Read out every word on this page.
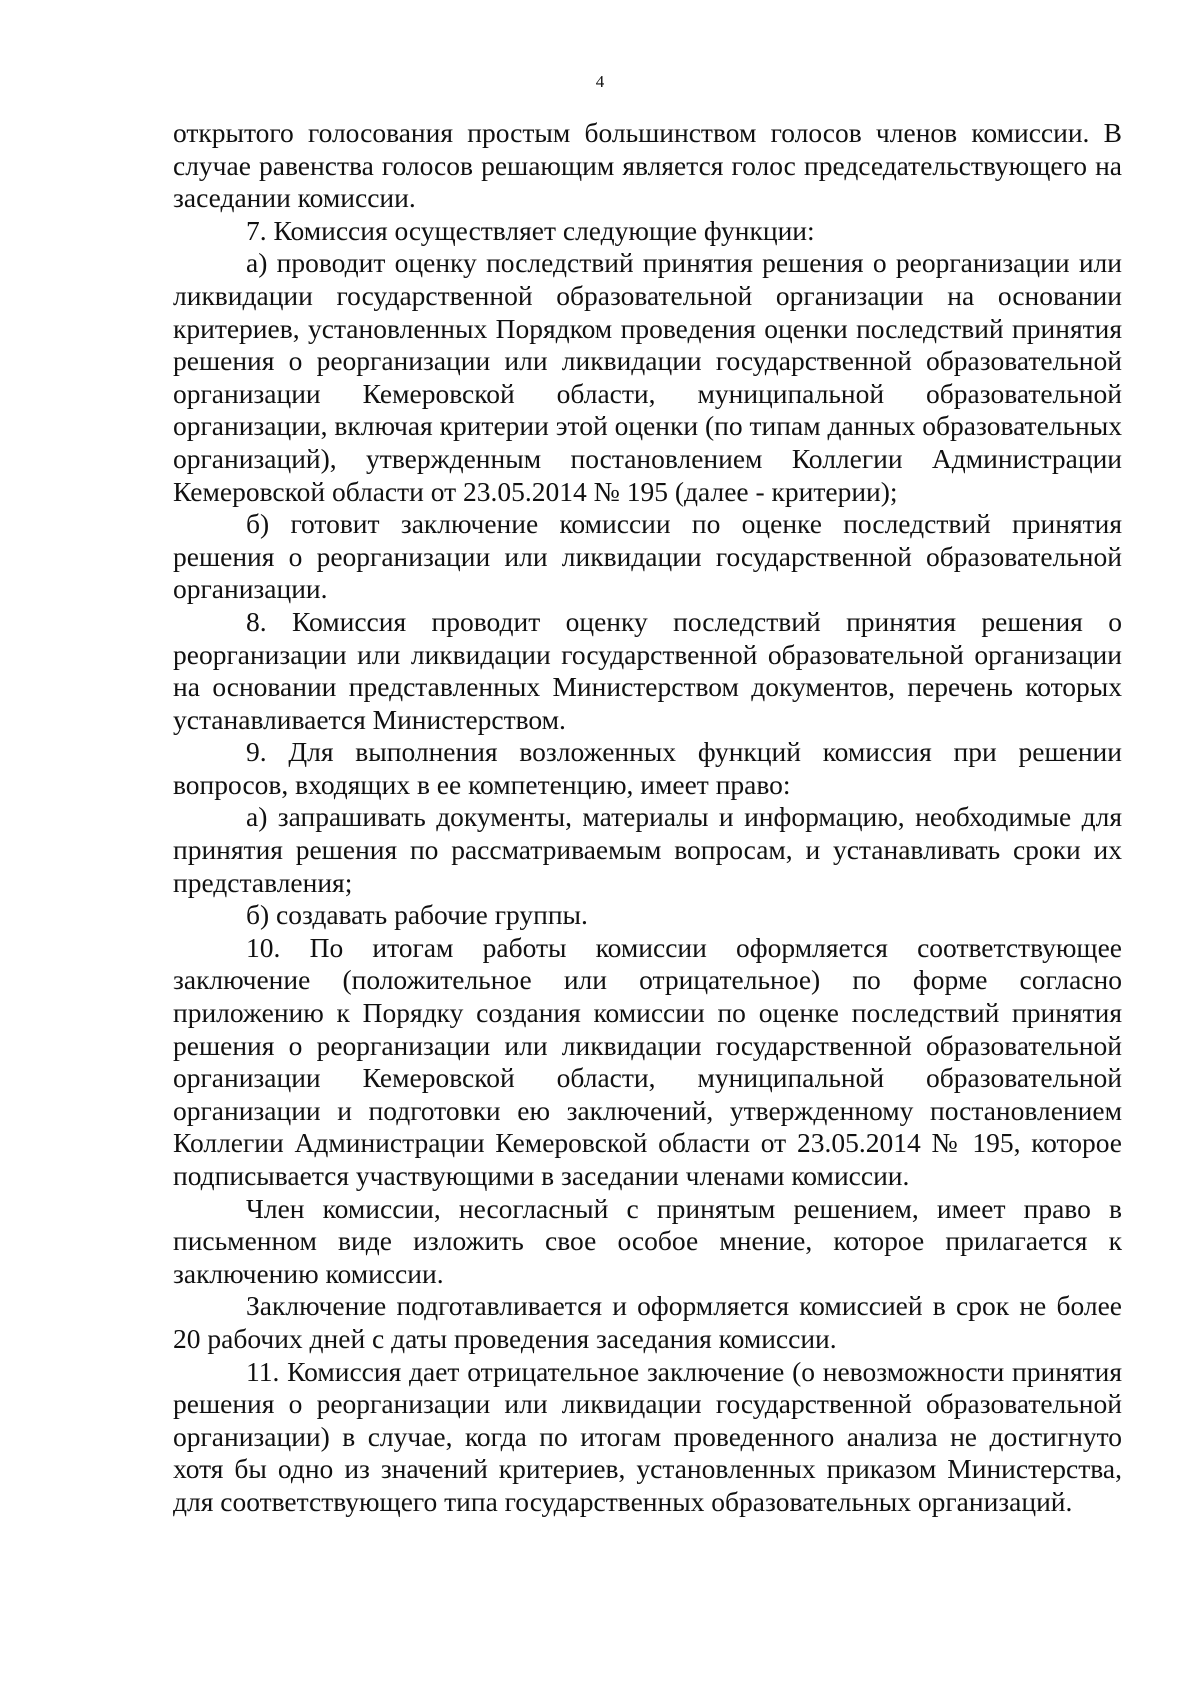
4

открытого голосования простым большинством голосов членов комиссии. В случае равенства голосов решающим является голос председательствующего на заседании комиссии.

7. Комиссия осуществляет следующие функции:

а) проводит оценку последствий принятия решения о реорганизации или ликвидации государственной образовательной организации на основании критериев, установленных Порядком проведения оценки последствий принятия решения о реорганизации или ликвидации государственной образовательной организации Кемеровской области, муниципальной образовательной организации, включая критерии этой оценки (по типам данных образовательных организаций), утвержденным постановлением Коллегии Администрации Кемеровской области от 23.05.2014 № 195 (далее - критерии);

б) готовит заключение комиссии по оценке последствий принятия решения о реорганизации или ликвидации государственной образовательной организации.

8. Комиссия проводит оценку последствий принятия решения о реорганизации или ликвидации государственной образовательной организации на основании представленных Министерством документов, перечень которых устанавливается Министерством.

9. Для выполнения возложенных функций комиссия при решении вопросов, входящих в ее компетенцию, имеет право:

а) запрашивать документы, материалы и информацию, необходимые для принятия решения по рассматриваемым вопросам, и устанавливать сроки их представления;

б) создавать рабочие группы.

10. По итогам работы комиссии оформляется соответствующее заключение (положительное или отрицательное) по форме согласно приложению к Порядку создания комиссии по оценке последствий принятия решения о реорганизации или ликвидации государственной образовательной организации Кемеровской области, муниципальной образовательной организации и подготовки ею заключений, утвержденному постановлением Коллегии Администрации Кемеровской области от 23.05.2014 № 195, которое подписывается участвующими в заседании членами комиссии.

Член комиссии, несогласный с принятым решением, имеет право в письменном виде изложить свое особое мнение, которое прилагается к заключению комиссии.

Заключение подготавливается и оформляется комиссией в срок не более 20 рабочих дней с даты проведения заседания комиссии.

11. Комиссия дает отрицательное заключение (о невозможности принятия решения о реорганизации или ликвидации государственной образовательной организации) в случае, когда по итогам проведенного анализа не достигнуто хотя бы одно из значений критериев, установленных приказом Министерства, для соответствующего типа государственных образовательных организаций.
